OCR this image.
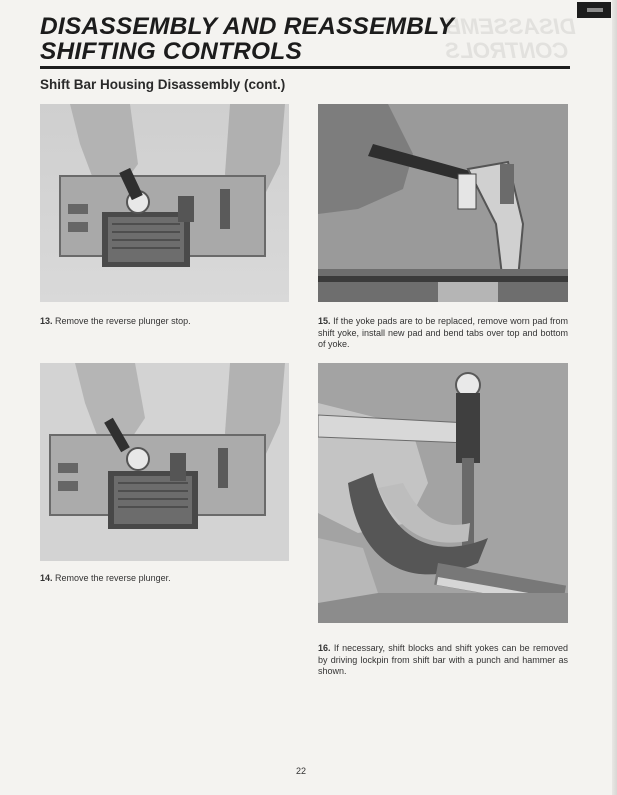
DISASSEMB
CONTROLS
DISASSEMBLY AND REASSEMBLY
SHIFTING CONTROLS
Shift Bar Housing Disassembly (cont.)
13. Remove the reverse plunger stop.	15. If the yoke pads are to be replaced, remove worn pad from shift yoke, install new pad and bend tabs over top and bottom of yoke.
14. Remove the reverse plunger.
16. If necessary, shift blocks and shift yokes can be removed by driving lockpin from shift bar with a punch and hammer as shown.
22
